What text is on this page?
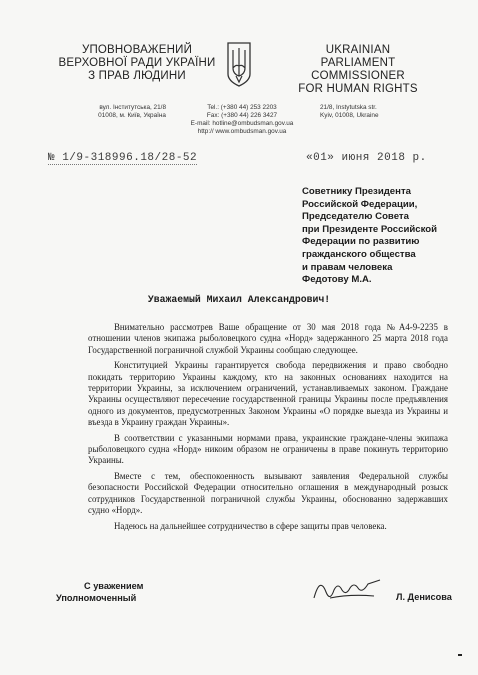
УПОВНОВАЖЕНИЙ
ВЕРХОВНОЇ РАДИ УКРАЇНИ
З ПРАВ ЛЮДИНИ
UKRAINIAN
PARLIAMENT COMMISSIONER
FOR HUMAN RIGHTS
вул. Інститутська, 21/8
01008, м. Київ, Україна
Tel.: (+380 44) 253 2203
Fax: (+380 44) 226 3427
E-mail: hotline@ombudsman.gov.ua
http:// www.ombudsman.gov.ua
21/8, Instytutska str.
Kyiv, 01008, Ukraine
№ 1/9-318996.18/28-52	«01» июня 2018 р.
Советнику Президента
Российской Федерации,
Председателю Совета
при Президенте Российской
Федерации по развитию
гражданского общества
и правам человека
Федотову М.А.
Уважаемый Михаил Александрович!

Внимательно рассмотрев Ваше обращение от 30 мая 2018 года №А4-9-2235 в отношении членов экипажа рыболовецкого судна «Норд» задержанного 25 марта 2018 года Государственной пограничной службой Украины сообщаю следующее.

Конституцией Украины гарантируется свобода передвижения и право свободно покидать территорию Украины каждому, кто на законных основаниях находится на территории Украины, за исключением ограничений, устанавливаемых законом. Граждане Украины осуществляют пересечение государственной границы Украины после предъявления одного из документов, предусмотренных Законом Украины «О порядке выезда из Украины и въезда в Украину граждан Украины».

В соответствии с указанными нормами права, украинские граждане-члены экипажа рыболовецкого судна «Норд» никоим образом не ограничены в праве покинуть территорию Украины.

Вместе с тем, обеспокоенность вызывают заявления Федеральной службы безопасности Российской Федерации относительно оглашения в международный розыск сотрудников Государственной пограничной службы Украины, обоснованно задержавших судно «Норд».

Надеюсь на дальнейшее сотрудничество в сфере защиты прав человека.

С уважением
Уполномоченный	Л. Денисова
